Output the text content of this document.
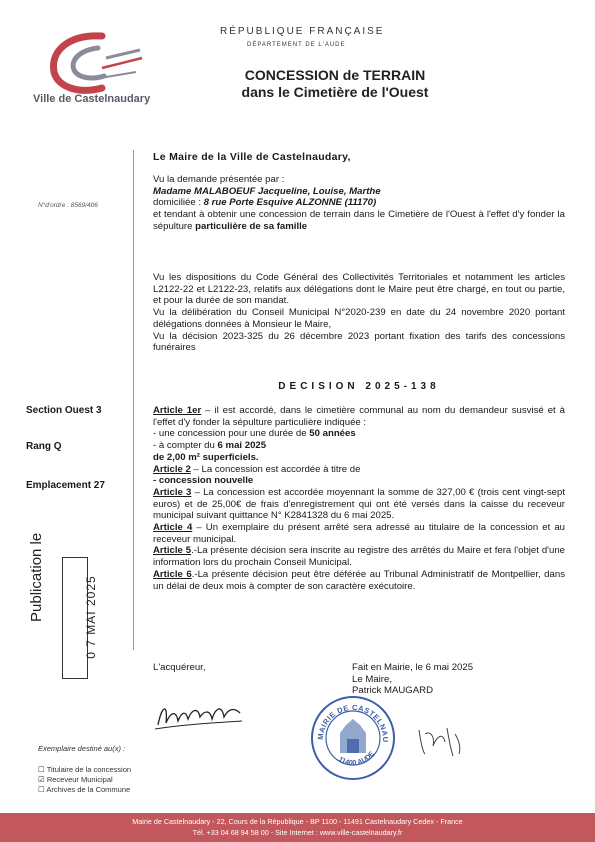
Ville de Castelnaudary
RÉPUBLIQUE FRANÇAISE
DÉPARTEMENT DE L'AUDE
CONCESSION de TERRAIN
dans le Cimetière de l'Ouest
N°d'ordre : 8569/406
Le Maire de la Ville de Castelnaudary,
Vu la demande présentée par :
Madame MALABOEUF Jacqueline, Louise, Marthe
domiciliée : 8 rue Porte Esquive ALZONNE (11170)
et tendant à obtenir une concession de terrain dans le Cimetière de l'Ouest à l'effet d'y fonder la sépulture particulière de sa famille
Vu les dispositions du Code Général des Collectivités Territoriales et notamment les articles L2122-22 et L2122-23, relatifs aux délégations dont le Maire peut être chargé, en tout ou partie, et pour la durée de son mandat.
Vu la délibération du Conseil Municipal N°2020-239 en date du 24 novembre 2020 portant délégations données à Monsieur le Maire,
Vu la décision 2023-325 du 26 décembre 2023 portant fixation des tarifs des concessions funéraires
DECISION 2025-138
Section Ouest 3
Rang Q
Emplacement 27
Article 1er – il est accordé, dans le cimetière communal au nom du demandeur susvisé et à l'effet d'y fonder la sépulture particulière indiquée :
- une concession pour une durée de 50 années
- à compter du 6 mai 2025
de 2,00 m² superficiels.
Article 2 – La concession est accordée à titre de
- concession nouvelle
Article 3 – La concession est accordée moyennant la somme de 327,00 € (trois cent vingt-sept euros) et de 25,00€ de frais d'enregistrement qui ont été versés dans la caisse du receveur municipal suivant quittance N° K2841328 du 6 mai 2025.
Article 4 – Un exemplaire du présent arrêté sera adressé au titulaire de la concession et au receveur municipal.
Article 5.-La présente décision sera inscrite au registre des arrêtés du Maire et fera l'objet d'une information lors du prochain Conseil Municipal.
Article 6.-La présente décision peut être déférée au Tribunal Administratif de Montpellier, dans un délai de deux mois à compter de son caractère exécutoire.
Publication le	0 7 MAI 2025
L'acquéreur,	Fait en Mairie, le 6 mai 2025
Le Maire,
Patrick MAUGARD
MAIRIE DE CASTELNAU
11400 AUDE
Exemplaire destiné au(x) :
☐ Titulaire de la concession
☑ Receveur Municipal
☐ Archives de la Commune
Mairie de Castelnaudary - 22, Cours de la République - BP 1100 - 11491 Castelnaudary Cedex - France
Tél. +33 04 68 94 58 00 - Site Internet : www.ville-castelnaudary.fr
